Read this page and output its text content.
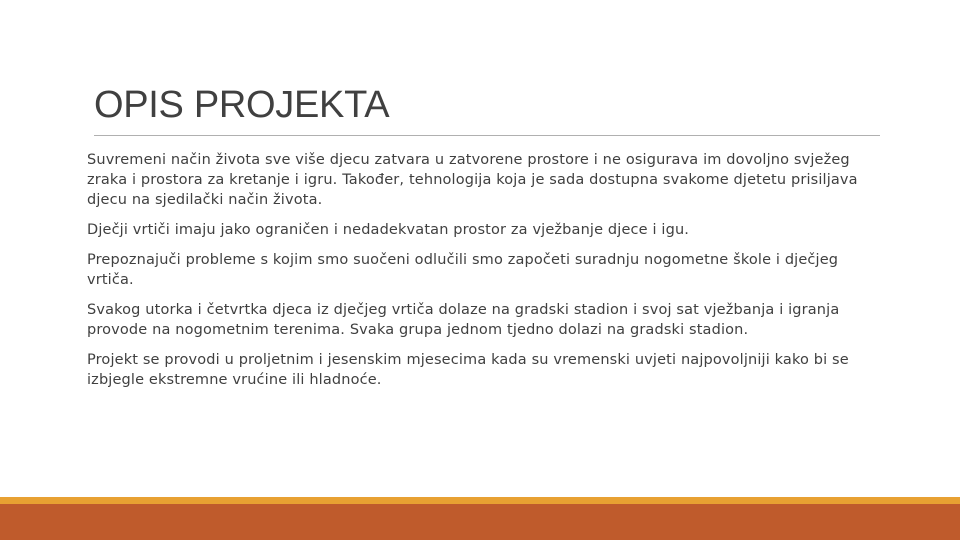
OPIS PROJEKTA

Suvremeni način života sve više djecu zatvara u zatvorene prostore i ne osigurava im dovoljno svježeg zraka i prostora za kretanje i igru. Također, tehnologija koja je sada dostupna svakome djetetu prisiljava djecu na sjedilački način života.

Dječji vrtiči imaju jako ograničen i nedadekvatan prostor za vježbanje djece i igu.

Prepoznajuči probleme s kojim smo suočeni odlučili smo započeti suradnju nogometne škole i dječjeg vrtiča.

Svakog utorka i četvrtka djeca iz dječjeg vrtiča dolaze na gradski stadion i svoj sat vježbanja i igranja provode na nogometnim terenima. Svaka grupa jednom tjedno dolazi na gradski stadion.

Projekt se provodi u proljetnim i jesenskim mjesecima kada su vremenski uvjeti najpovoljniji kako bi se izbjegle ekstremne vrućine ili hladnoće.
